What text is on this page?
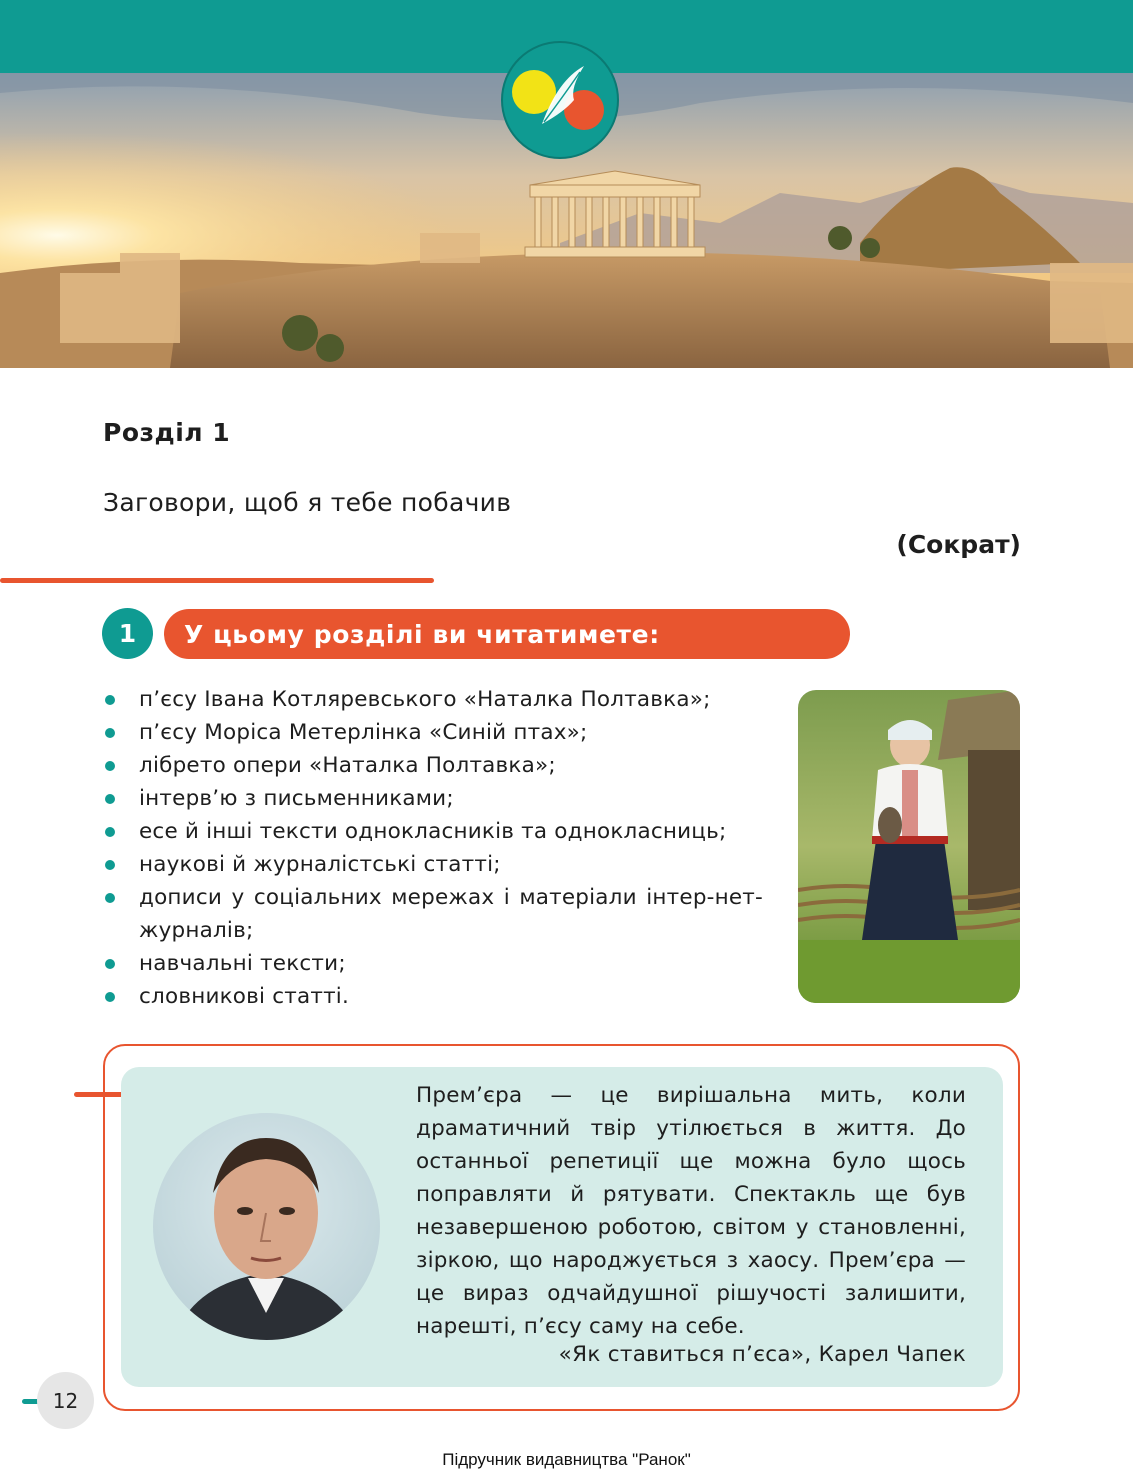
Розділ 1

Заговори, щоб я тебе побачив

(Сократ)

1	У цьому розділі ви читатимете:
п’єсу Івана Котляревського «Наталка Полтавка»;
п’єсу Моріса Метерлінка «Синій птах»;
лібрето опери «Наталка Полтавка»;
інтерв’ю з письменниками;
есе й інші тексти однокласників та однокласниць;
наукові й журналістські статті;
дописи у соціальних мережах і матеріали інтер-нет-журналів;
навчальні тексти;
словникові статті.

Прем’єра — це вирішальна мить, коли драматичний твір утілюється в життя. До останньої репетиції ще можна було щось поправляти й рятувати. Спектакль ще був незавершеною роботою, світом у становленні, зіркою, що народжується з хаосу. Прем’єра — це вираз одчайдушної рішучості залишити, нарешті, п’єсу саму на себе.

«Як ставиться п’єса», Карел Чапек

12
Підручник видавництва "Ранок"
